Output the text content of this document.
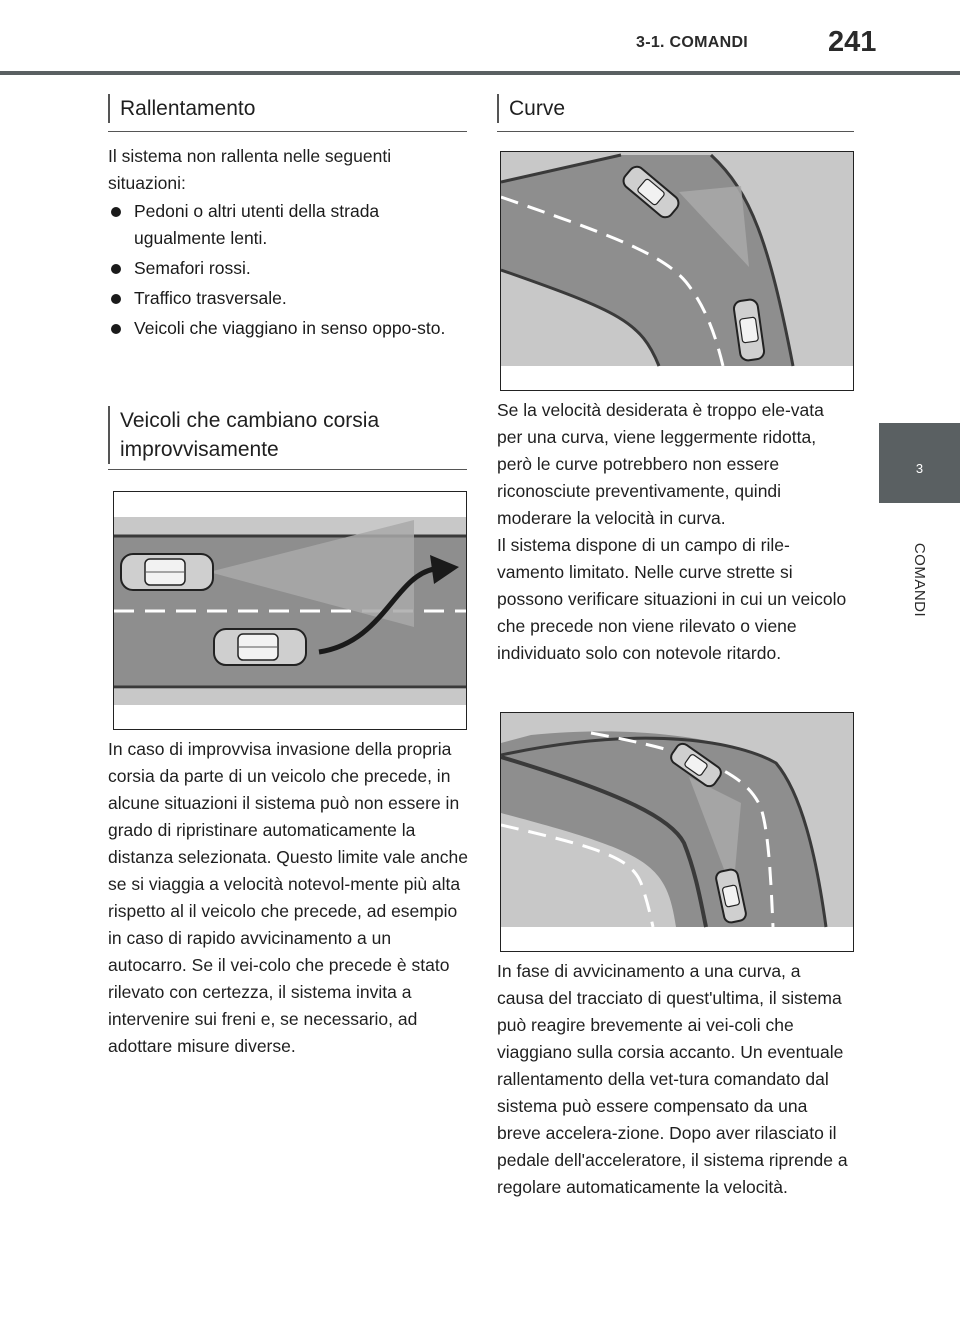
3-1. COMANDI	241
3
COMANDI
Rallentamento
Il sistema non rallenta nelle seguenti situazioni:
Pedoni o altri utenti della strada ugualmente lenti.
Semafori rossi.
Traffico trasversale.
Veicoli che viaggiano in senso oppo-sto.
Veicoli che cambiano corsia improvvisamente
In caso di improvvisa invasione della propria corsia da parte di un veicolo che precede, in alcune situazioni il sistema può non essere in grado di ripristinare automaticamente la distanza selezionata. Questo limite vale anche se si viaggia a velocità notevol-mente più alta rispetto al il veicolo che precede, ad esempio in caso di rapido avvicinamento a un autocarro. Se il vei-colo che precede è stato rilevato con certezza, il sistema invita a intervenire sui freni e, se necessario, ad adottare misure diverse.
Curve
Se la velocità desiderata è troppo ele-vata per una curva, viene leggermente ridotta, però le curve potrebbero non essere riconosciute preventivamente, quindi moderare la velocità in curva.
Il sistema dispone di un campo di rile-vamento limitato. Nelle curve strette si possono verificare situazioni in cui un veicolo che precede non viene rilevato o viene individuato solo con notevole ritardo.
In fase di avvicinamento a una curva, a causa del tracciato di quest'ultima, il sistema può reagire brevemente ai vei-coli che viaggiano sulla corsia accanto. Un eventuale rallentamento della vet-tura comandato dal sistema può essere compensato da una breve accelera-zione. Dopo aver rilasciato il pedale dell'acceleratore, il sistema riprende a regolare automaticamente la velocità.
